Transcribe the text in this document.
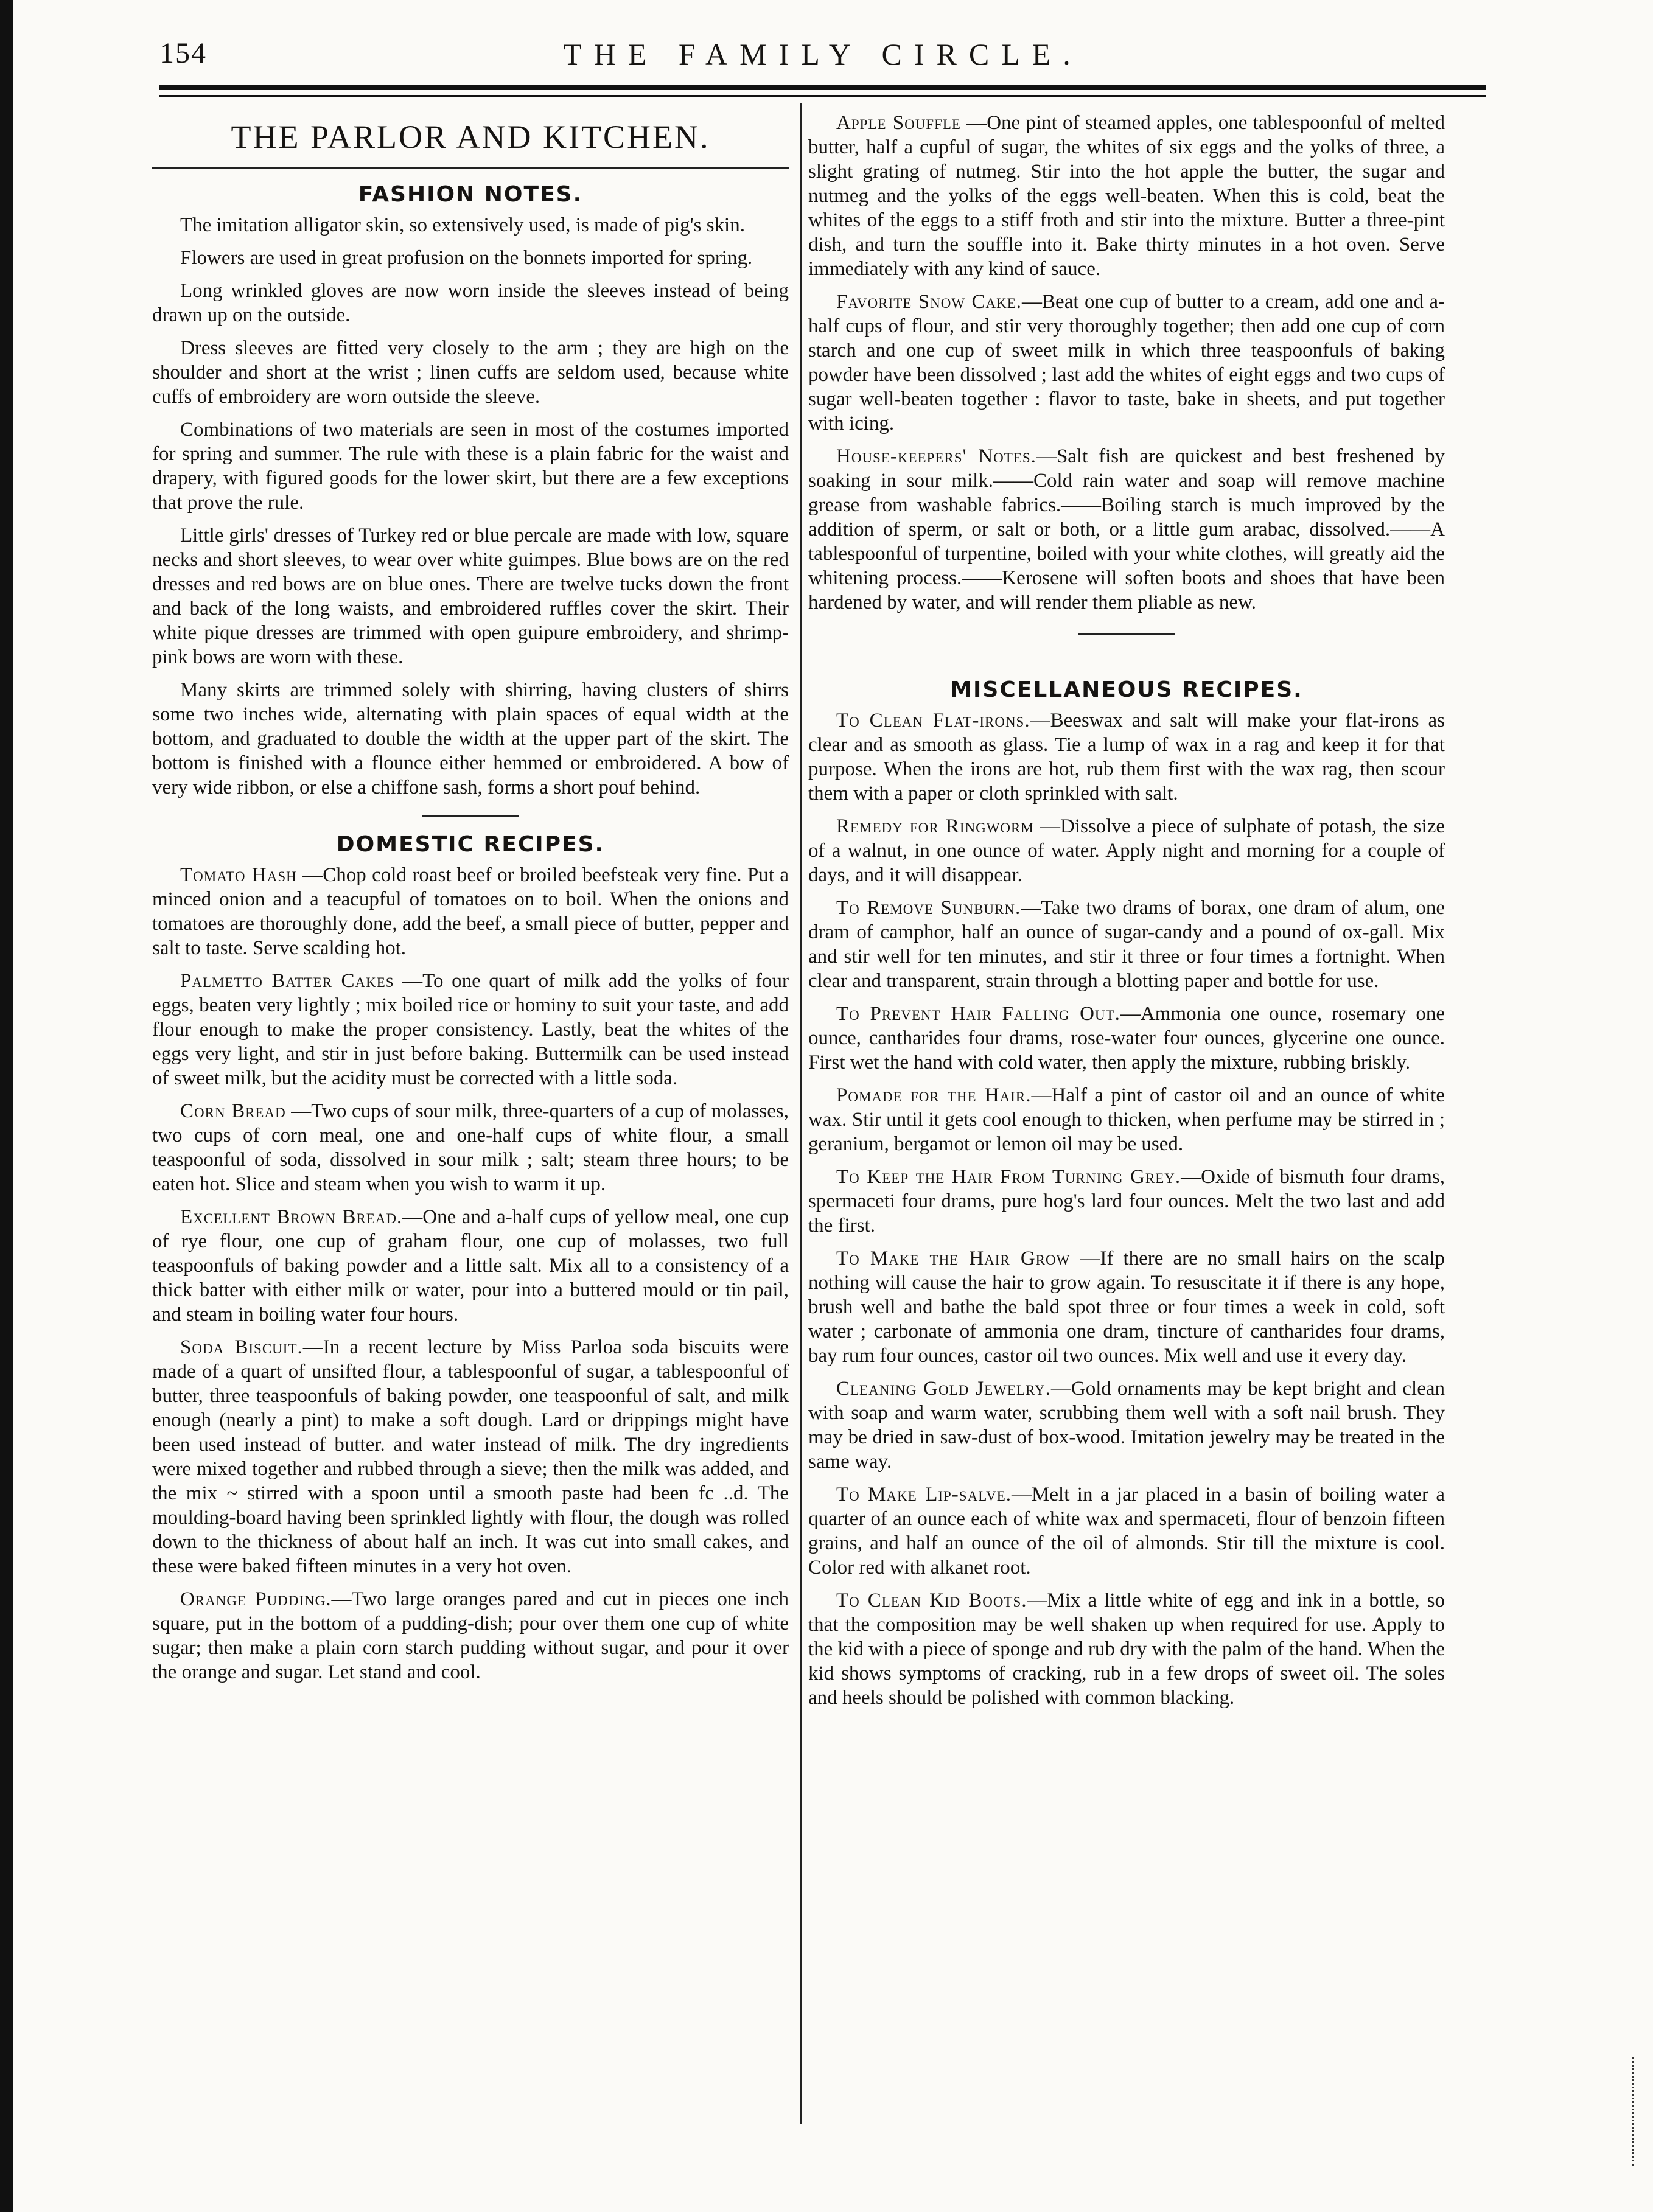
154	THE FAMILY CIRCLE.
THE PARLOR AND KITCHEN.
FASHION NOTES.

The imitation alligator skin, so extensively used, is made of pig's skin.

Flowers are used in great profusion on the bonnets imported for spring.

Long wrinkled gloves are now worn inside the sleeves instead of being drawn up on the outside.

Dress sleeves are fitted very closely to the arm ; they are high on the shoulder and short at the wrist ; linen cuffs are seldom used, because white cuffs of embroidery are worn outside the sleeve.

Combinations of two materials are seen in most of the costumes imported for spring and summer. The rule with these is a plain fabric for the waist and drapery, with figured goods for the lower skirt, but there are a few exceptions that prove the rule.

Little girls' dresses of Turkey red or blue percale are made with low, square necks and short sleeves, to wear over white guimpes. Blue bows are on the red dresses and red bows are on blue ones. There are twelve tucks down the front and back of the long waists, and embroidered ruffles cover the skirt. Their white pique dresses are trimmed with open guipure embroidery, and shrimp-pink bows are worn with these.

Many skirts are trimmed solely with shirring, having clusters of shirrs some two inches wide, alternating with plain spaces of equal width at the bottom, and graduated to double the width at the upper part of the skirt. The bottom is finished with a flounce either hemmed or embroidered. A bow of very wide ribbon, or else a chiffone sash, forms a short pouf behind.

DOMESTIC RECIPES.

Tomato Hash —Chop cold roast beef or broiled beefsteak very fine. Put a minced onion and a teacupful of tomatoes on to boil. When the onions and tomatoes are thoroughly done, add the beef, a small piece of butter, pepper and salt to taste. Serve scalding hot.

Palmetto Batter Cakes —To one quart of milk add the yolks of four eggs, beaten very lightly ; mix boiled rice or hominy to suit your taste, and add flour enough to make the proper consistency. Lastly, beat the whites of the eggs very light, and stir in just before baking. Buttermilk can be used instead of sweet milk, but the acidity must be corrected with a little soda.

Corn Bread —Two cups of sour milk, three-quarters of a cup of molasses, two cups of corn meal, one and one-half cups of white flour, a small teaspoonful of soda, dissolved in sour milk ; salt; steam three hours; to be eaten hot. Slice and steam when you wish to warm it up.

Excellent Brown Bread.—One and a-half cups of yellow meal, one cup of rye flour, one cup of graham flour, one cup of molasses, two full teaspoonfuls of baking powder and a little salt. Mix all to a consistency of a thick batter with either milk or water, pour into a buttered mould or tin pail, and steam in boiling water four hours.

Soda Biscuit.—In a recent lecture by Miss Parloa soda biscuits were made of a quart of unsifted flour, a tablespoonful of sugar, a tablespoonful of butter, three teaspoonfuls of baking powder, one teaspoonful of salt, and milk enough (nearly a pint) to make a soft dough. Lard or drippings might have been used instead of butter. and water instead of milk. The dry ingredients were mixed together and rubbed through a sieve; then the milk was added, and the mix ~ stirred with a spoon until a smooth paste had been fc ..d. The moulding-board having been sprinkled lightly with flour, the dough was rolled down to the thickness of about half an inch. It was cut into small cakes, and these were baked fifteen minutes in a very hot oven.

Orange Pudding.—Two large oranges pared and cut in pieces one inch square, put in the bottom of a pudding-dish; pour over them one cup of white sugar; then make a plain corn starch pudding without sugar, and pour it over the orange and sugar. Let stand and cool.

Apple Souffle —One pint of steamed apples, one tablespoonful of melted butter, half a cupful of sugar, the whites of six eggs and the yolks of three, a slight grating of nutmeg. Stir into the hot apple the butter, the sugar and nutmeg and the yolks of the eggs well-beaten. When this is cold, beat the whites of the eggs to a stiff froth and stir into the mixture. Butter a three-pint dish, and turn the souffle into it. Bake thirty minutes in a hot oven. Serve immediately with any kind of sauce.

Favorite Snow Cake.—Beat one cup of butter to a cream, add one and a-half cups of flour, and stir very thoroughly together; then add one cup of corn starch and one cup of sweet milk in which three teaspoonfuls of baking powder have been dissolved ; last add the whites of eight eggs and two cups of sugar well-beaten together : flavor to taste, bake in sheets, and put together with icing.

House-keepers' Notes.—Salt fish are quickest and best freshened by soaking in sour milk.——Cold rain water and soap will remove machine grease from washable fabrics.——Boiling starch is much improved by the addition of sperm, or salt or both, or a little gum arabac, dissolved.——A tablespoonful of turpentine, boiled with your white clothes, will greatly aid the whitening process.——Kerosene will soften boots and shoes that have been hardened by water, and will render them pliable as new.

MISCELLANEOUS RECIPES.

To Clean Flat-irons.—Beeswax and salt will make your flat-irons as clear and as smooth as glass. Tie a lump of wax in a rag and keep it for that purpose. When the irons are hot, rub them first with the wax rag, then scour them with a paper or cloth sprinkled with salt.

Remedy for Ringworm —Dissolve a piece of sulphate of potash, the size of a walnut, in one ounce of water. Apply night and morning for a couple of days, and it will disappear.

To Remove Sunburn.—Take two drams of borax, one dram of alum, one dram of camphor, half an ounce of sugar-candy and a pound of ox-gall. Mix and stir well for ten minutes, and stir it three or four times a fortnight. When clear and transparent, strain through a blotting paper and bottle for use.

To Prevent Hair Falling Out.—Ammonia one ounce, rosemary one ounce, cantharides four drams, rose-water four ounces, glycerine one ounce. First wet the hand with cold water, then apply the mixture, rubbing briskly.

Pomade for the Hair.—Half a pint of castor oil and an ounce of white wax. Stir until it gets cool enough to thicken, when perfume may be stirred in ; geranium, bergamot or lemon oil may be used.

To Keep the Hair From Turning Grey.—Oxide of bismuth four drams, spermaceti four drams, pure hog's lard four ounces. Melt the two last and add the first.

To Make the Hair Grow —If there are no small hairs on the scalp nothing will cause the hair to grow again. To resuscitate it if there is any hope, brush well and bathe the bald spot three or four times a week in cold, soft water ; carbonate of ammonia one dram, tincture of cantharides four drams, bay rum four ounces, castor oil two ounces. Mix well and use it every day.

Cleaning Gold Jewelry.—Gold ornaments may be kept bright and clean with soap and warm water, scrubbing them well with a soft nail brush. They may be dried in saw-dust of box-wood. Imitation jewelry may be treated in the same way.

To Make Lip-salve.—Melt in a jar placed in a basin of boiling water a quarter of an ounce each of white wax and spermaceti, flour of benzoin fifteen grains, and half an ounce of the oil of almonds. Stir till the mixture is cool. Color red with alkanet root.

To Clean Kid Boots.—Mix a little white of egg and ink in a bottle, so that the composition may be well shaken up when required for use. Apply to the kid with a piece of sponge and rub dry with the palm of the hand. When the kid shows symptoms of cracking, rub in a few drops of sweet oil. The soles and heels should be polished with common blacking.
